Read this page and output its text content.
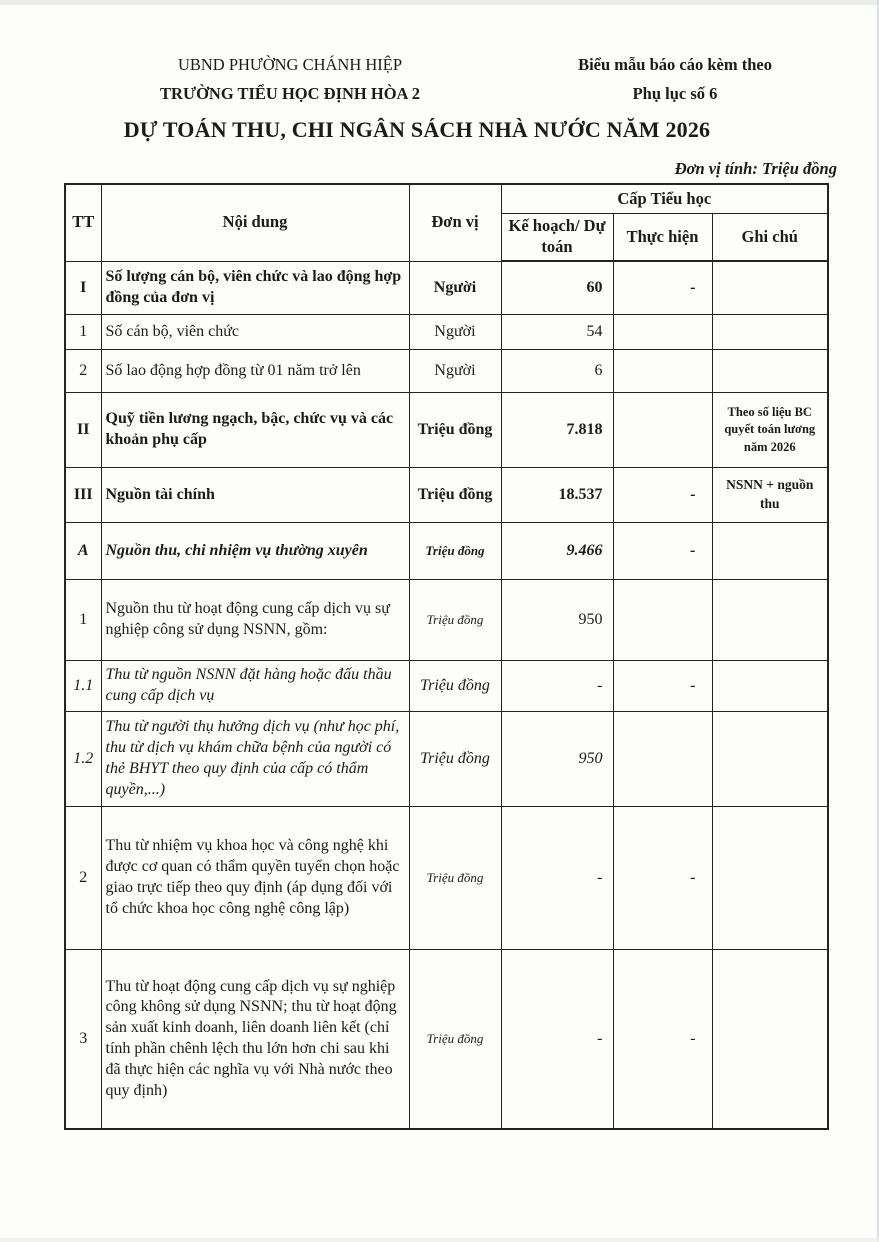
UBND PHƯỜNG CHÁNH HIỆP
TRƯỜNG TIỂU HỌC ĐỊNH HÒA 2
Biểu mẫu báo cáo kèm theo
Phụ lục số 6
DỰ TOÁN THU, CHI NGÂN SÁCH NHÀ NƯỚC NĂM 2026
Đơn vị tính: Triệu đồng
TT	Nội dung	Đơn vị	Cấp Tiểu học		
			Kế hoạch/ Dự toán	Thực hiện	Ghi chú
I	Số lượng cán bộ, viên chức và lao động hợp đồng của đơn vị	Người	60	-	
1	Số cán bộ, viên chức	Người	54		
2	Số lao động hợp đồng từ 01 năm trở lên	Người	6		
II	Quỹ tiền lương ngạch, bậc, chức vụ và các khoản phụ cấp	Triệu đồng	7.818		Theo số liệu BC quyết toán lương năm 2026
III	Nguồn tài chính	Triệu đồng	18.537	-	NSNN + nguồn thu
A	Nguồn thu, chi nhiệm vụ thường xuyên	Triệu đồng	9.466	-	
1	Nguồn thu từ hoạt động cung cấp dịch vụ sự nghiệp công sử dụng NSNN, gồm:	Triệu đồng	950		
1.1	Thu từ nguồn NSNN đặt hàng hoặc đấu thầu cung cấp dịch vụ	Triệu đồng	-	-	
1.2	Thu từ người thụ hưởng dịch vụ (như học phí, thu từ dịch vụ khám chữa bệnh của người có thẻ BHYT theo quy định của cấp có thẩm quyền,...)	Triệu đồng	950		
2	Thu từ nhiệm vụ khoa học và công nghệ khi được cơ quan có thẩm quyền tuyển chọn hoặc giao trực tiếp theo quy định (áp dụng đối với tổ chức khoa học công nghệ công lập)	Triệu đồng	-	-	
3	Thu từ hoạt động cung cấp dịch vụ sự nghiệp công không sử dụng NSNN; thu từ hoạt động sản xuất kinh doanh, liên doanh liên kết (chỉ tính phần chênh lệch thu lớn hơn chi sau khi đã thực hiện các nghĩa vụ với Nhà nước theo quy định)	Triệu đồng	-	-	
